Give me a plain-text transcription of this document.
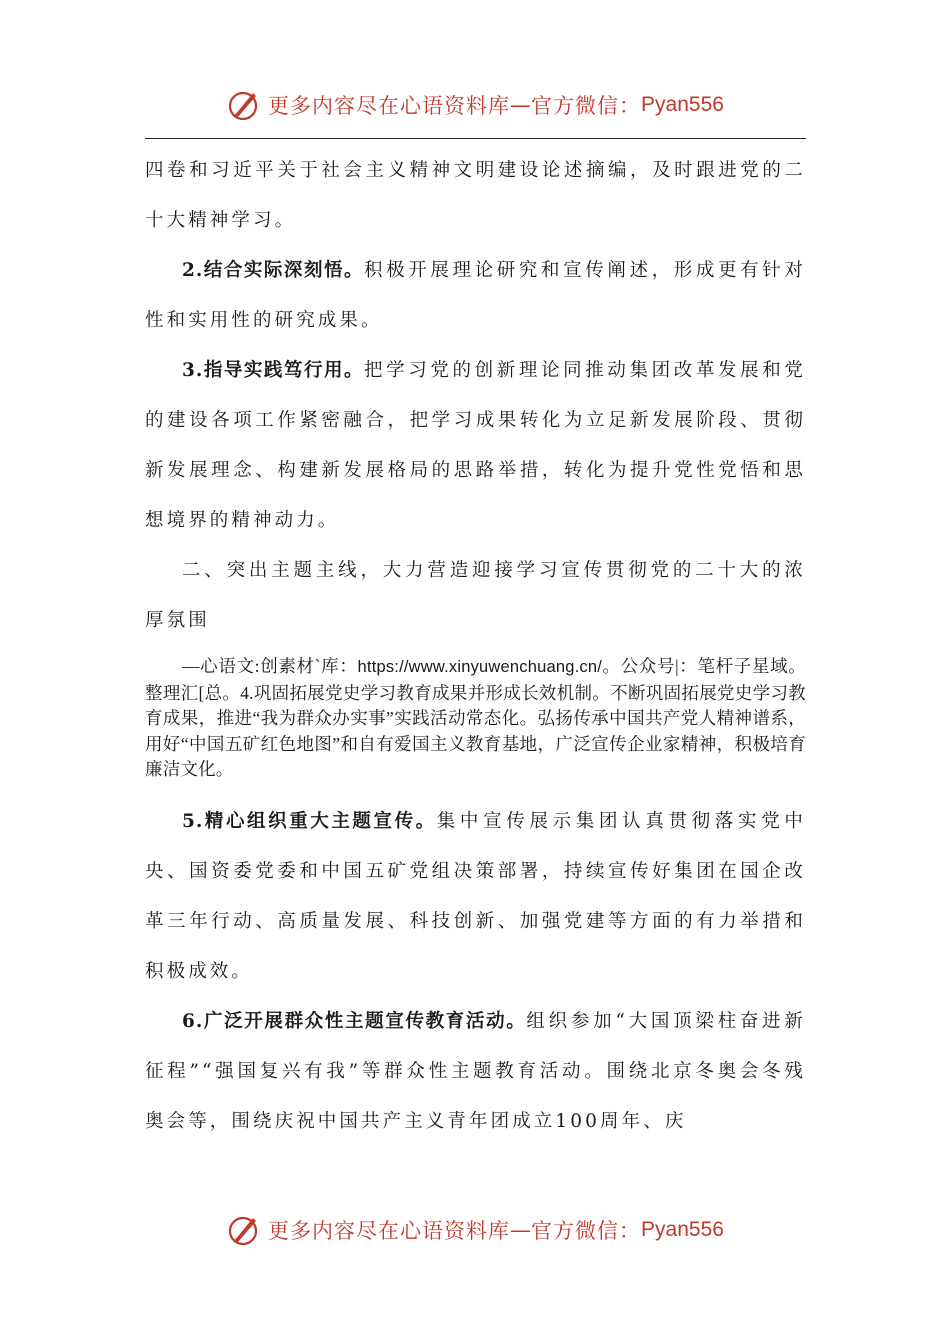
更多内容尽在心语资料库 — 官方微信： Pyan556

四卷和习近平关于社会主义精神文明建设论述摘编，及时跟进党的二十大精神学习。

2.结合实际深刻悟。积极开展理论研究和宣传阐述，形成更有针对性和实用性的研究成果。

3.指导实践笃行用。把学习党的创新理论同推动集团改革发展和党的建设各项工作紧密融合，把学习成果转化为立足新发展阶段、贯彻新发展理念、构建新发展格局的思路举措，转化为提升党性党悟和思想境界的精神动力。

二、突出主题主线，大力营造迎接学习宣传贯彻党的二十大的浓厚氛围

—心语文:创素材`库：https://www.xinyuwenchuang.cn/。公众号|：笔杆子星域。整理汇[总。4.巩固拓展党史学习教育成果并形成长效机制。不断巩固拓展党史学习教育成果，推进“我为群众办实事”实践活动常态化。弘扬传承中国共产党人精神谱系，用好“中国五矿红色地图”和自有爱国主义教育基地，广泛宣传企业家精神，积极培育廉洁文化。

5.精心组织重大主题宣传。集中宣传展示集团认真贯彻落实党中央、国资委党委和中国五矿党组决策部署，持续宣传好集团在国企改革三年行动、高质量发展、科技创新、加强党建等方面的有力举措和积极成效。

6.广泛开展群众性主题宣传教育活动。组织参加“大国顶梁柱奋进新征程”“强国复兴有我”等群众性主题教育活动。围绕北京冬奥会冬残奥会等，围绕庆祝中国共产主义青年团成立100周年、庆

更多内容尽在心语资料库 — 官方微信： Pyan556
